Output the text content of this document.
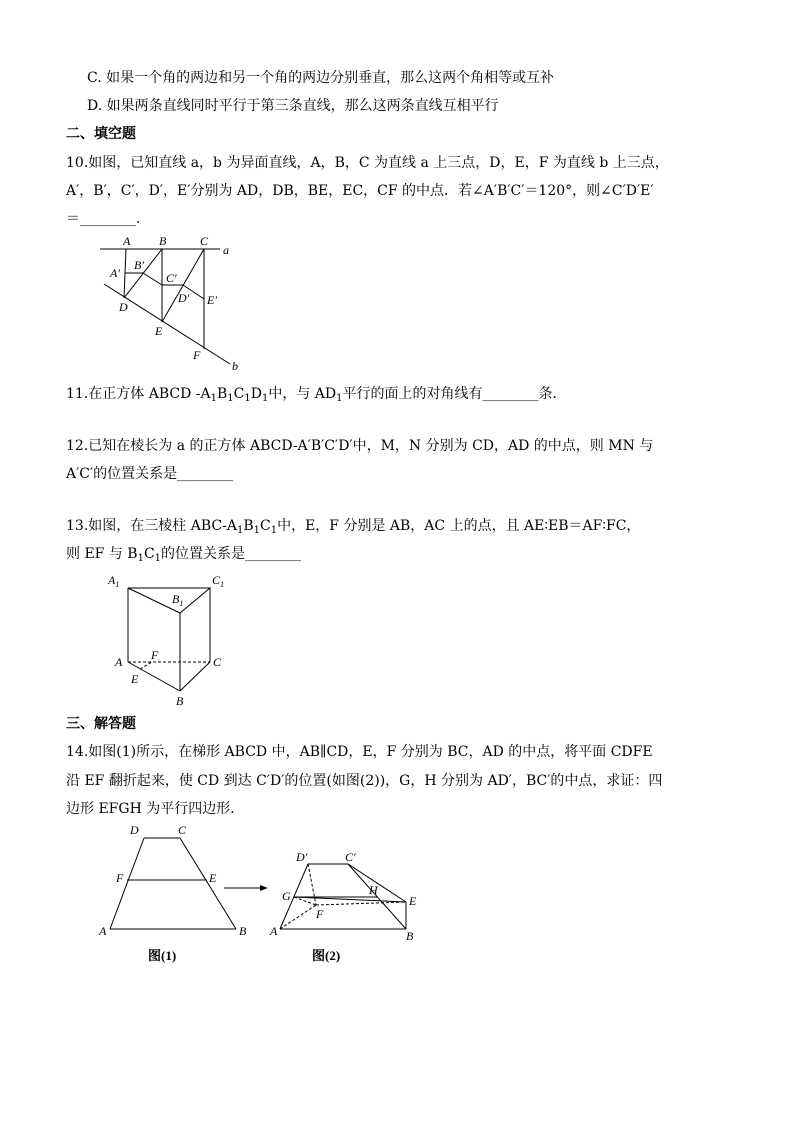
C. 如果一个角的两边和另一个角的两边分别垂直，那么这两个角相等或互补
D. 如果两条直线同时平行于第三条直线，那么这两条直线互相平行
二、填空题
10.如图，已知直线 a，b 为异面直线，A，B，C 为直线 a 上三点，D，E，F 为直线 b 上三点，
A′，B′，C′，D′，E′分别为 AD，DB，BE，EC，CF 的中点．若∠A′B′C′＝120°，则∠C′D′E′
＝________．
A B	C
a
A′
B′
C′
D′ E′
D
E
F
b
11.在正方体 ABCD $-A_1B_1C_1D_1$中，与 $AD_1$平行的面上的对角线有________条．
12.已知在棱长为 a 的正方体 ABCD-A′B′C′D′中，M，N 分别为 CD，AD 的中点，则 MN 与
A′C′的位置关系是________
13.如图，在三棱柱 ABC-$A_1B_1C_1$中，E，F 分别是 AB，AC 上的点，且 AE∶EB＝AF∶FC，
则 EF 与 $B_1C_1$的位置关系是________
$A_1$	$C_1$
$B_1$
A F	C
E
B
三、解答题
14.如图(1)所示，在梯形 ABCD 中，AB∥CD，E，F 分别为 BC，AD 的中点，将平面 CDFE
沿 EF 翻折起来，使 CD 到达 C′D′的位置(如图(2))，G，H 分别为 AD′，BC′的中点，求证：四
边形 EFGH 为平行四边形．
D	C
F	E
A	B
图(1)
D′	C′
G	H
E
F
A	B
图(2)
